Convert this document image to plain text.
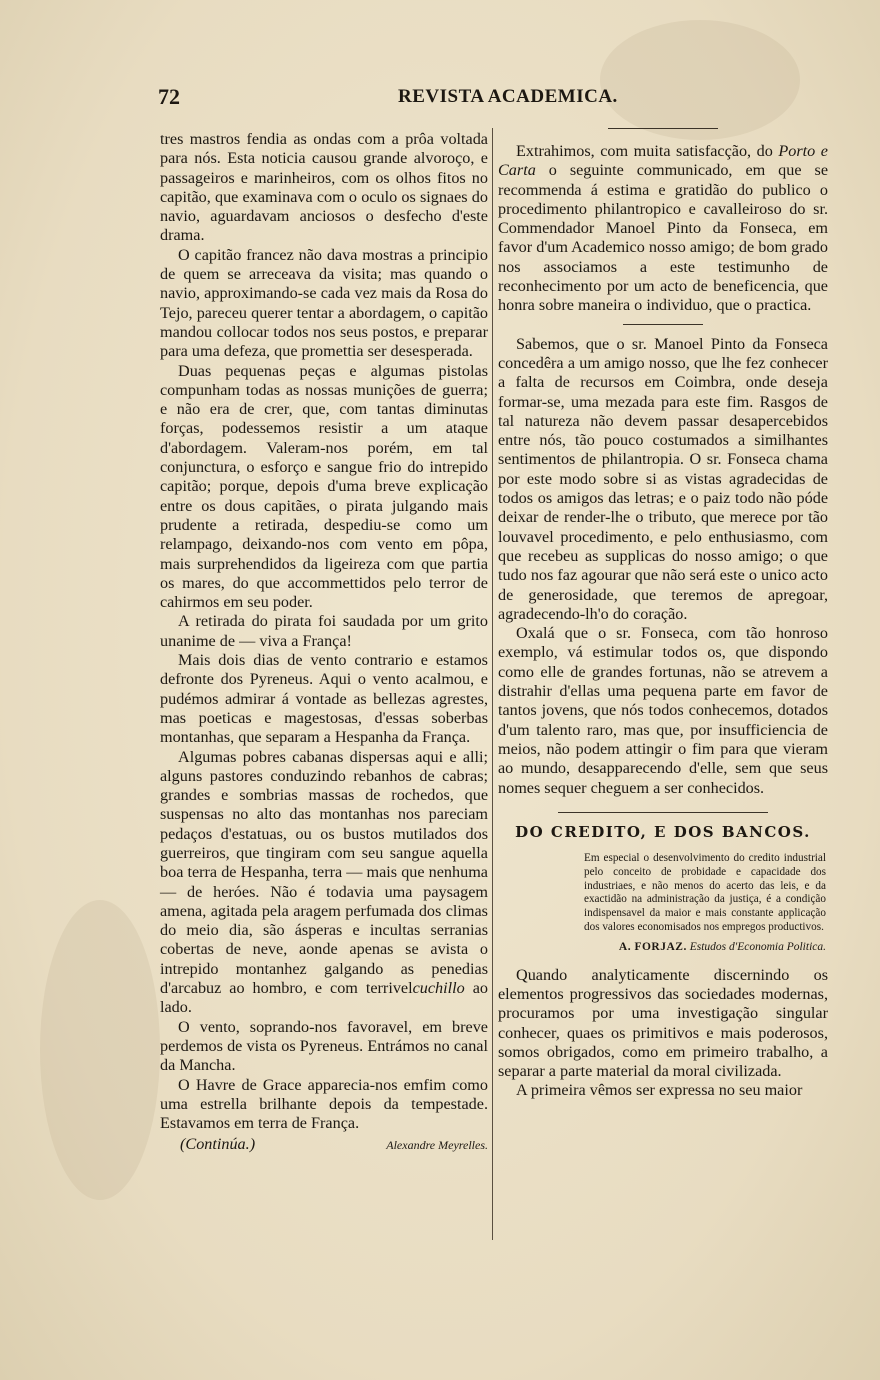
72	REVISTA ACADEMICA.

tres mastros fendia as ondas com a prôa voltada para nós. Esta noticia causou grande alvoroço, e passageiros e marinheiros, com os olhos fitos no capitão, que examinava com o oculo os signaes do navio, aguardavam anciosos o desfecho d'este drama.

O capitão francez não dava mostras a principio de quem se arreceava da visita; mas quando o navio, approximando-se cada vez mais da Rosa do Tejo, pareceu querer tentar a abordagem, o capitão mandou collocar todos nos seus postos, e preparar para uma defeza, que promettia ser desesperada.

Duas pequenas peças e algumas pistolas compunham todas as nossas munições de guerra; e não era de crer, que, com tantas diminutas forças, podessemos resistir a um ataque d'abordagem. Valeram-nos porém, em tal conjunctura, o esforço e sangue frio do intrepido capitão; porque, depois d'uma breve explicação entre os dous capitães, o pirata julgando mais prudente a retirada, despediu-se como um relampago, deixando-nos com vento em pôpa, mais surprehendidos da ligeireza com que partia os mares, do que accommettidos pelo terror de cahirmos em seu poder.

A retirada do pirata foi saudada por um grito unanime de — viva a França!

Mais dois dias de vento contrario e estamos defronte dos Pyreneus. Aqui o vento acalmou, e pudémos admirar á vontade as bellezas agrestes, mas poeticas e magestosas, d'essas soberbas montanhas, que separam a Hespanha da França.

Algumas pobres cabanas dispersas aqui e alli; alguns pastores conduzindo rebanhos de cabras; grandes e sombrias massas de rochedos, que suspensas no alto das montanhas nos pareciam pedaços d'estatuas, ou os bustos mutilados dos guerreiros, que tingiram com seu sangue aquella boa terra de Hespanha, terra — mais que nenhuma — de heróes. Não é todavia uma paysagem amena, agitada pela aragem perfumada dos climas do meio dia, são ásperas e incultas serranias cobertas de neve, aonde apenas se avista o intrepido montanhez galgando as penedias d'arcabuz ao hombro, e com terrivelcuchillo ao lado.

O vento, soprando-nos favoravel, em breve perdemos de vista os Pyreneus. Entrámos no canal da Mancha.

O Havre de Grace apparecia-nos emfim como uma estrella brilhante depois da tempestade. Estavamos em terra de França.

(Continúa.)	Alexandre Meyrelles.

Extrahimos, com muita satisfacção, do Porto e Carta o seguinte communicado, em que se recommenda á estima e gratidão do publico o procedimento philantropico e cavalleiroso do sr. Commendador Manoel Pinto da Fonseca, em favor d'um Academico nosso amigo; de bom grado nos associamos a este testimunho de reconhecimento por um acto de beneficencia, que honra sobre maneira o individuo, que o practica.

Sabemos, que o sr. Manoel Pinto da Fonseca concedêra a um amigo nosso, que lhe fez conhecer a falta de recursos em Coimbra, onde deseja formar-se, uma mezada para este fim. Rasgos de tal natureza não devem passar desapercebidos entre nós, tão pouco costumados a similhantes sentimentos de philantropia. O sr. Fonseca chama por este modo sobre si as vistas agradecidas de todos os amigos das letras; e o paiz todo não póde deixar de render-lhe o tributo, que merece por tão louvavel procedimento, e pelo enthusiasmo, com que recebeu as supplicas do nosso amigo; o que tudo nos faz agourar que não será este o unico acto de generosidade, que teremos de apregoar, agradecendo-lh'o do coração.

Oxalá que o sr. Fonseca, com tão honroso exemplo, vá estimular todos os, que dispondo como elle de grandes fortunas, não se atrevem a distrahir d'ellas uma pequena parte em favor de tantos jovens, que nós todos conhecemos, dotados d'um talento raro, mas que, por insufficiencia de meios, não podem attingir o fim para que vieram ao mundo, desapparecendo d'elle, sem que seus nomes sequer cheguem a ser conhecidos.

DO CREDITO, E DOS BANCOS.
Em especial o desenvolvimento do credito industrial pelo conceito de probidade e capacidade dos industriaes, e não menos do acerto das leis, e da exactidão na administração da justiça, é a condição indispensavel da maior e mais constante applicação dos valores economisados nos empregos productivos.
A. FORJAZ. Estudos d'Economia Politica.

Quando analyticamente discernindo os elementos progressivos das sociedades modernas, procuramos por uma investigação singular conhecer, quaes os primitivos e mais poderosos, somos obrigados, como em primeiro trabalho, a separar a parte material da moral civilizada.

A primeira vêmos ser expressa no seu maior
